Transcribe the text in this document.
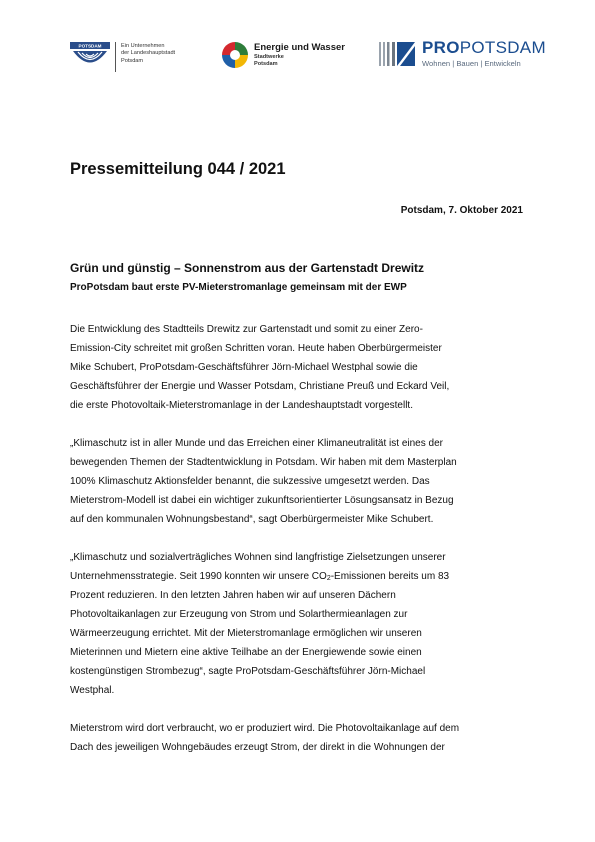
POTSDAM	Ein Unternehmen
der Landeshauptstadt
Potsdam
Energie und Wasser
Stadtwerke
Potsdam
PROPOTSDAM
Wohnen | Bauen | Entwickeln
Pressemitteilung 044 / 2021
Potsdam, 7. Oktober 2021
Grün und günstig – Sonnenstrom aus der Gartenstadt Drewitz
ProPotsdam baut erste PV-Mieterstromanlage gemeinsam mit der EWP

Die Entwicklung des Stadtteils Drewitz zur Gartenstadt und somit zu einer Zero-
Emission-City schreitet mit großen Schritten voran. Heute haben Oberbürgermeister
Mike Schubert, ProPotsdam-Geschäftsführer Jörn-Michael Westphal sowie die
Geschäftsführer der Energie und Wasser Potsdam, Christiane Preuß und Eckard Veil,
die erste Photovoltaik-Mieterstromanlage in der Landeshauptstadt vorgestellt.

„Klimaschutz ist in aller Munde und das Erreichen einer Klimaneutralität ist eines der
bewegenden Themen der Stadtentwicklung in Potsdam. Wir haben mit dem Masterplan
100% Klimaschutz Aktionsfelder benannt, die sukzessive umgesetzt werden. Das
Mieterstrom-Modell ist dabei ein wichtiger zukunftsorientierter Lösungsansatz in Bezug
auf den kommunalen Wohnungsbestand“, sagt Oberbürgermeister Mike Schubert.

„Klimaschutz und sozialverträgliches Wohnen sind langfristige Zielsetzungen unserer
Unternehmensstrategie. Seit 1990 konnten wir unsere $CO_2$-Emissionen bereits um 83
Prozent reduzieren. In den letzten Jahren haben wir auf unseren Dächern
Photovoltaikanlagen zur Erzeugung von Strom und Solarthermieanlagen zur
Wärmeerzeugung errichtet. Mit der Mieterstromanlage ermöglichen wir unseren
Mieterinnen und Mietern eine aktive Teilhabe an der Energiewende sowie einen
kostengünstigen Strombezug“, sagte ProPotsdam-Geschäftsführer Jörn-Michael
Westphal.

Mieterstrom wird dort verbraucht, wo er produziert wird. Die Photovoltaikanlage auf dem
Dach des jeweiligen Wohngebäudes erzeugt Strom, der direkt in die Wohnungen der
